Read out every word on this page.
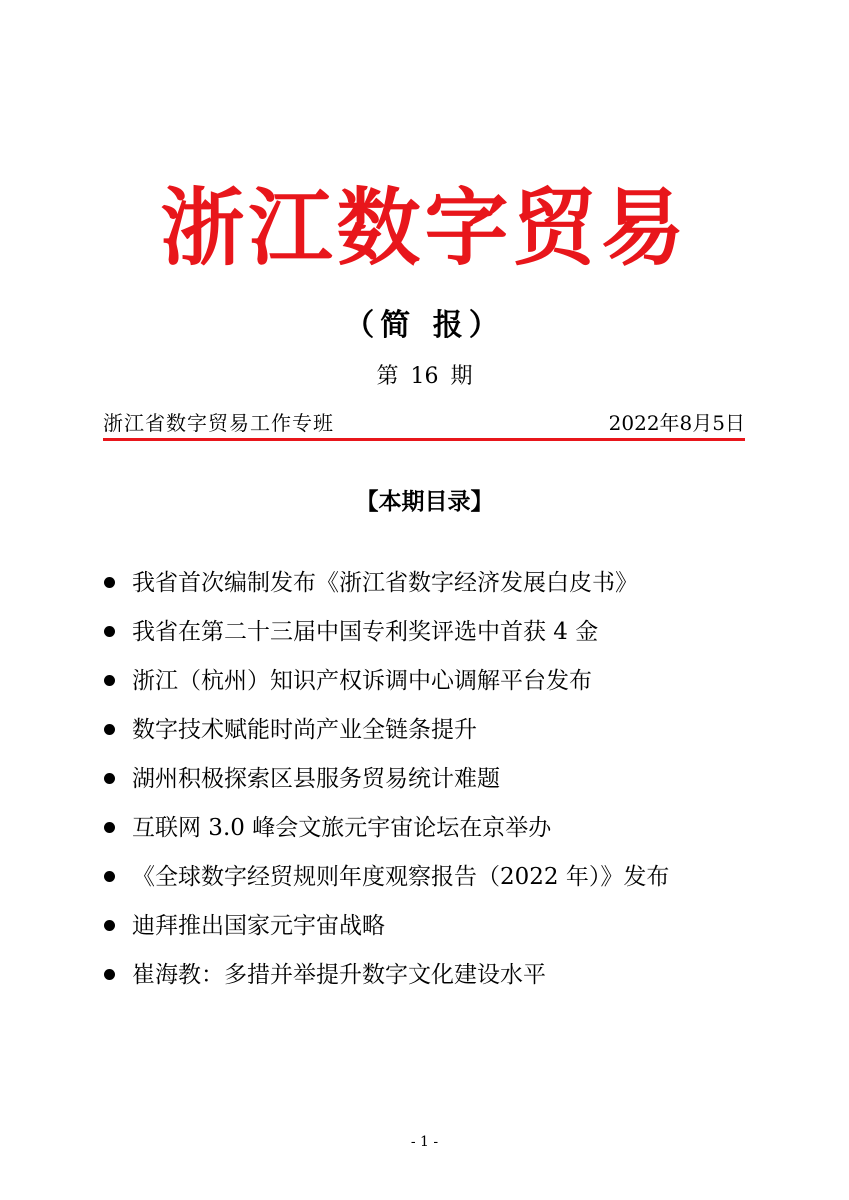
浙江数字贸易
（简 报）
第 16 期
浙江省数字贸易工作专班	2022年8月5日
【本期目录】
我省首次编制发布《浙江省数字经济发展白皮书》
我省在第二十三届中国专利奖评选中首获 4 金
浙江（杭州）知识产权诉调中心调解平台发布
数字技术赋能时尚产业全链条提升
湖州积极探索区县服务贸易统计难题
互联网 3.0 峰会文旅元宇宙论坛在京举办
《全球数字经贸规则年度观察报告（2022 年）》发布
迪拜推出国家元宇宙战略
崔海教：多措并举提升数字文化建设水平
- 1 -
